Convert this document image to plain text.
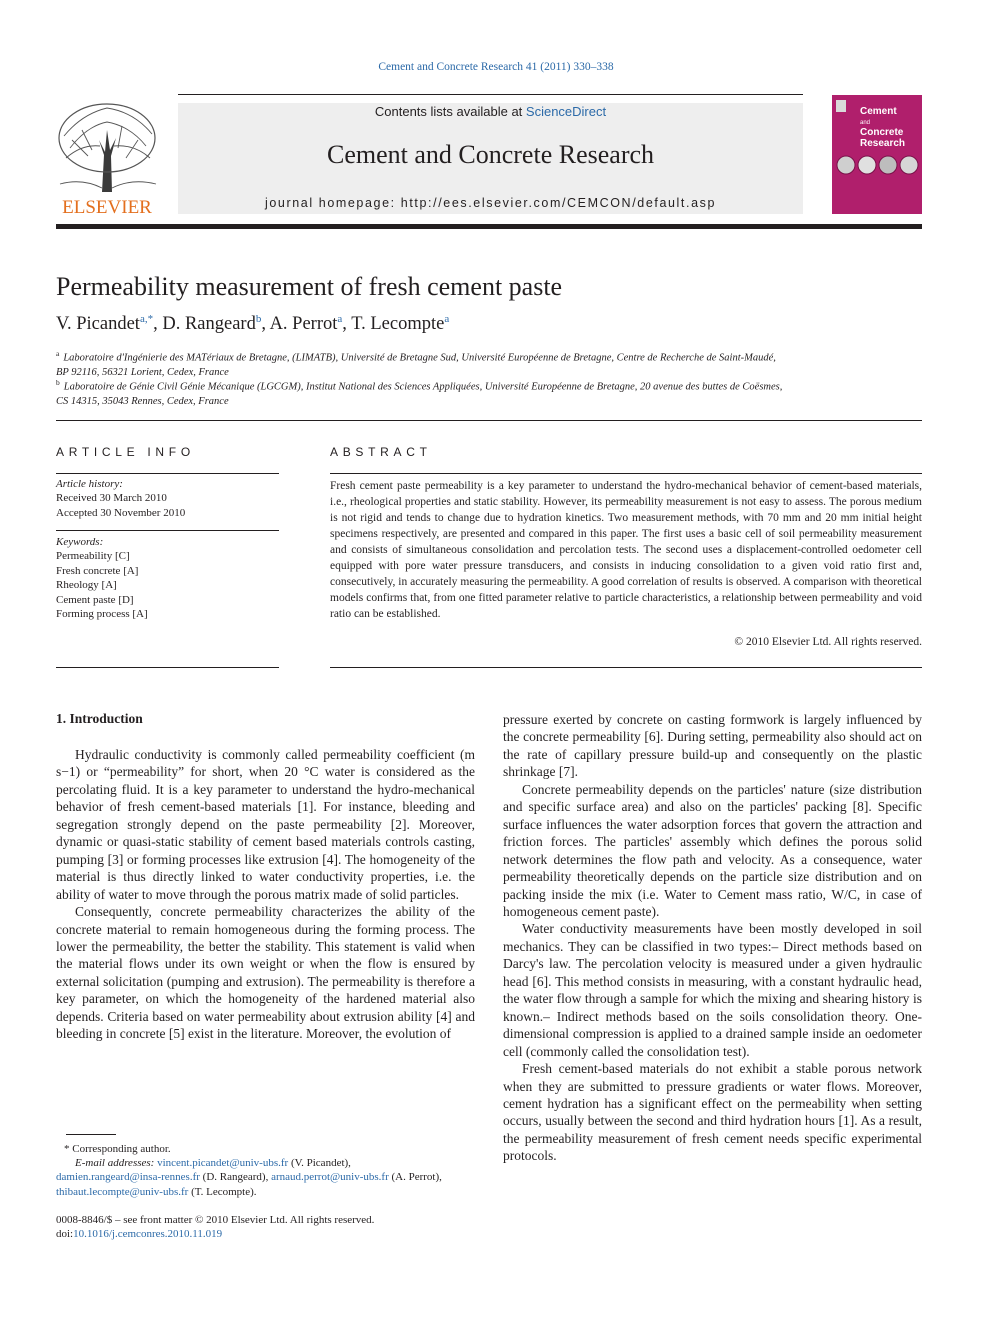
Cement and Concrete Research 41 (2011) 330–338
ELSEVIER
Contents lists available at ScienceDirect
Cement and Concrete Research
journal homepage: http://ees.elsevier.com/CEMCON/default.asp
Cement
and
Concrete
Research
Permeability measurement of fresh cement paste
V. Picandet$^{a,*}$, D. Rangeard$^b$, A. Perrot$^a$, T. Lecompte$^a$
$^a$ Laboratoire d'Ingénierie des MATériaux de Bretagne, (LIMATB), Université de Bretagne Sud, Université Européenne de Bretagne, Centre de Recherche de Saint-Maudé,
BP 92116, 56321 Lorient, Cedex, France
$^b$ Laboratoire de Génie Civil Génie Mécanique (LGCGM), Institut National des Sciences Appliquées, Université Européenne de Bretagne, 20 avenue des buttes de Coësmes,
CS 14315, 35043 Rennes, Cedex, France
ARTICLE INFO
Article history:
Received 30 March 2010
Accepted 30 November 2010
Keywords:
Permeability [C]
Fresh concrete [A]
Rheology [A]
Cement paste [D]
Forming process [A]
ABSTRACT
Fresh cement paste permeability is a key parameter to understand the hydro-mechanical behavior of cement-based materials, i.e., rheological properties and static stability. However, its permeability measurement is not easy to assess. The porous medium is not rigid and tends to change due to hydration kinetics. Two measurement methods, with 70 mm and 20 mm initial height specimens respectively, are presented and compared in this paper. The first uses a basic cell of soil permeability measurement and consists of simultaneous consolidation and percolation tests. The second uses a displacement-controlled oedometer cell equipped with pore water pressure transducers, and consists in inducing consolidation to a given void ratio first and, consecutively, in accurately measuring the permeability. A good correlation of results is observed. A comparison with theoretical models confirms that, from one fitted parameter relative to particle characteristics, a relationship between permeability and void ratio can be established.
© 2010 Elsevier Ltd. All rights reserved.
1. Introduction

Hydraulic conductivity is commonly called permeability coefficient (m s−1) or “permeability” for short, when 20 °C water is considered as the percolating fluid. It is a key parameter to understand the hydro-mechanical behavior of fresh cement-based materials [1]. For instance, bleeding and segregation strongly depend on the paste permeability [2]. Moreover, dynamic or quasi-static stability of cement based materials controls casting, pumping [3] or forming processes like extrusion [4]. The homogeneity of the material is thus directly linked to water conductivity properties, i.e. the ability of water to move through the porous matrix made of solid particles.

Consequently, concrete permeability characterizes the ability of the concrete material to remain homogeneous during the forming process. The lower the permeability, the better the stability. This statement is valid when the material flows under its own weight or when the flow is ensured by external solicitation (pumping and extrusion). The permeability is therefore a key parameter, on which the homogeneity of the hardened material also depends. Criteria based on water permeability about extrusion ability [4] and bleeding in concrete [5] exist in the literature. Moreover, the evolution of

pressure exerted by concrete on casting formwork is largely influenced by the concrete permeability [6]. During setting, permeability also should act on the rate of capillary pressure build-up and consequently on the plastic shrinkage [7].

Concrete permeability depends on the particles' nature (size distribution and specific surface area) and also on the particles' packing [8]. Specific surface influences the water adsorption forces that govern the attraction and friction forces. The particles' assembly which defines the porous solid network determines the flow path and velocity. As a consequence, water permeability theoretically depends on the particle size distribution and on packing inside the mix (i.e. Water to Cement mass ratio, W/C, in case of homogeneous cement paste).

Water conductivity measurements have been mostly developed in soil mechanics. They can be classified in two types:– Direct methods based on Darcy's law. The percolation velocity is measured under a given hydraulic head [6]. This method consists in measuring, with a constant hydraulic head, the water flow through a sample for which the mixing and shearing history is known.– Indirect methods based on the soils consolidation theory. One-dimensional compression is applied to a drained sample inside an oedometer cell (commonly called the consolidation test).

Fresh cement-based materials do not exhibit a stable porous network when they are submitted to pressure gradients or water flows. Moreover, cement hydration has a significant effect on the permeability when setting occurs, usually between the second and third hydration hours [1]. As a result, the permeability measurement of fresh cement needs specific experimental protocols.

* Corresponding author.
E-mail addresses: vincent.picandet@univ-ubs.fr (V. Picandet),
damien.rangeard@insa-rennes.fr (D. Rangeard), arnaud.perrot@univ-ubs.fr (A. Perrot),
thibaut.lecompte@univ-ubs.fr (T. Lecompte).
0008-8846/$ – see front matter © 2010 Elsevier Ltd. All rights reserved.
doi:10.1016/j.cemconres.2010.11.019
